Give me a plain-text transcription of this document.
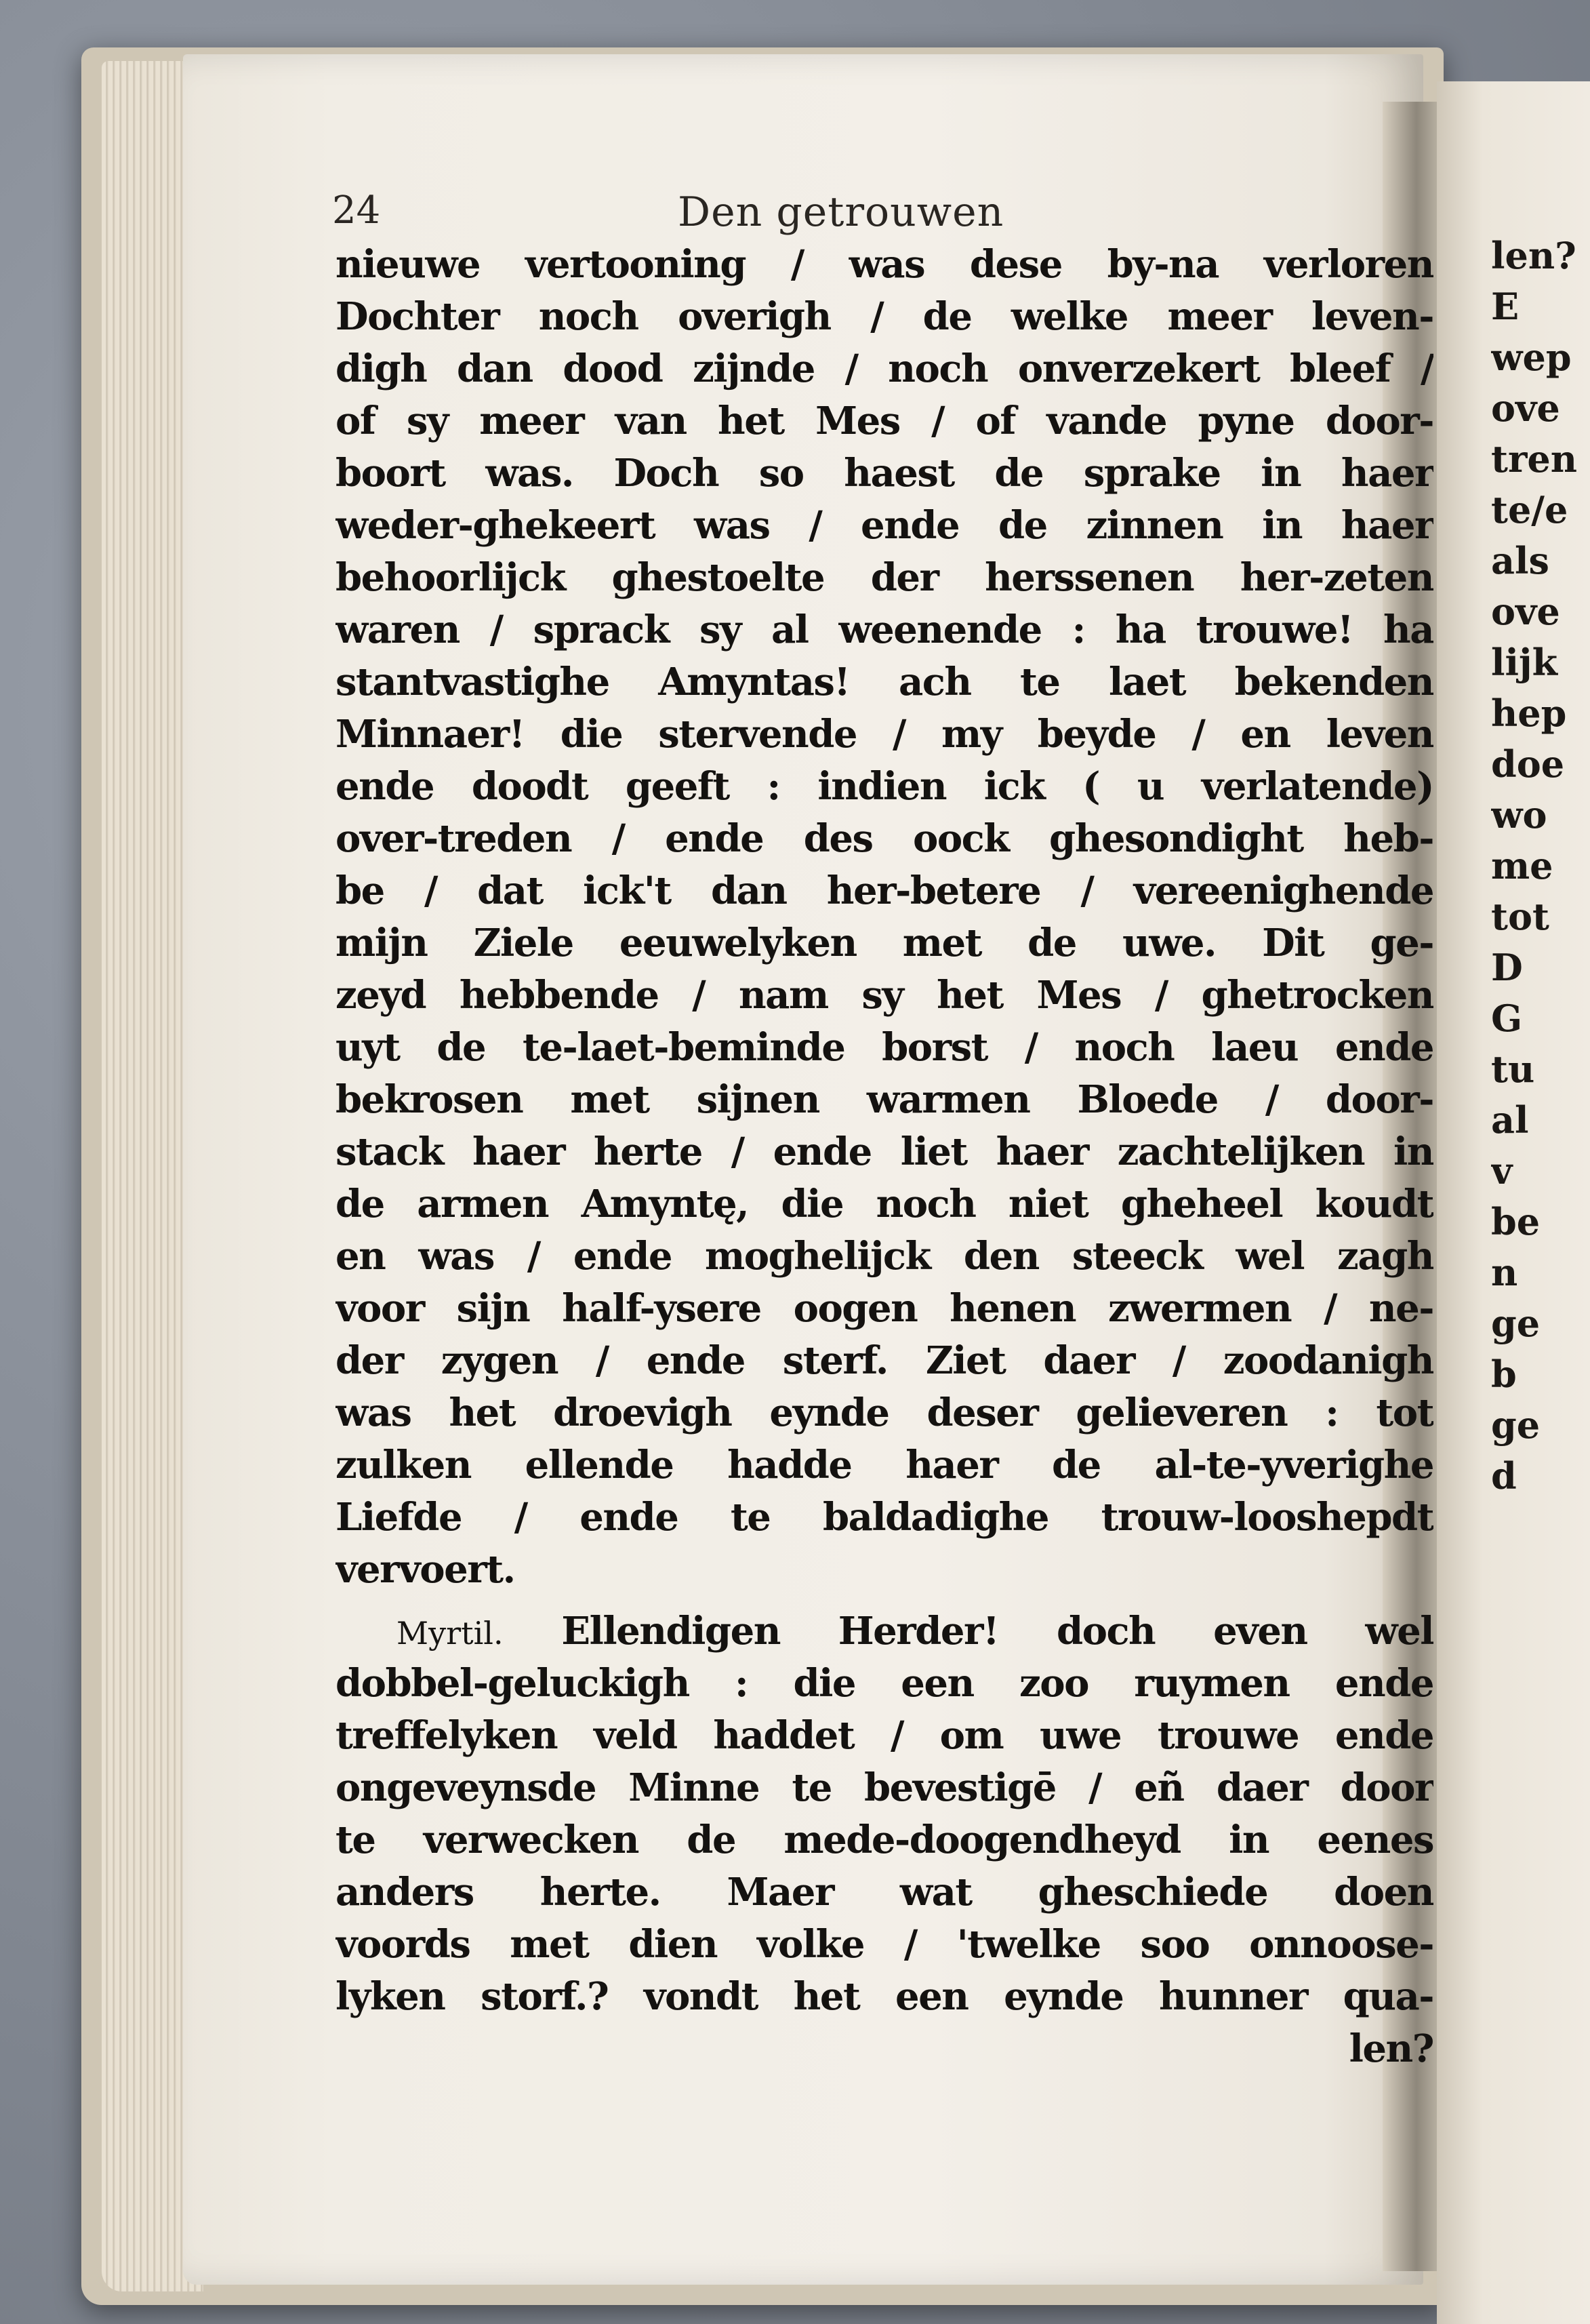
24	Den getrouwen
nieuwe vertooning / was dese by-na verloren
Dochter noch overigh / de welke meer leven-
digh dan dood zijnde / noch onverzekert bleef /
of sy meer van het Mes / of vande pyne door-
boort was. Doch so haest de sprake in haer
weder-ghekeert was / ende de zinnen in haer
behoorlijck ghestoelte der herssenen her-zeten
waren / sprack sy al weenende : ha trouwe! ha
stantvastighe Amyntas! ach te laet bekenden
Minnaer! die stervende / my beyde / en leven
ende doodt geeft : indien ick ( u verlatende)
over-treden / ende des oock ghesondight heb-
be / dat ick't dan her-betere / vereenighende
mijn Ziele eeuwelyken met de uwe. Dit ge-
zeyd hebbende / nam sy het Mes / ghetrocken
uyt de te-laet-beminde borst / noch laeu ende
bekrosen met sijnen warmen Bloede / door-
stack haer herte / ende liet haer zachtelijken in
de armen Amyntę, die noch niet gheheel koudt
en was / ende moghelijck den steeck wel zagh
voor sijn half-ysere oogen henen zwermen / ne-
der zygen / ende sterf. Ziet daer / zoodanigh
was het droevigh eynde deser gelieveren : tot
zulken ellende hadde haer de al-te-yverighe
Liefde / ende te baldadighe trouw-looshepdt
vervoert.
Myrtil. Ellendigen Herder! doch even wel
dobbel-geluckigh : die een zoo ruymen ende
treffelyken veld haddet / om uwe trouwe ende
ongeveynsde Minne te bevestigē / eñ daer door
te verwecken de mede-doogendheyd in eenes
anders herte. Maer wat gheschiede doen
voords met dien volke / 'twelke soo onnoose-
lyken storf.? vondt het een eynde hunner qua-
len?
len?
E
wep
ove
tren
te/e
als
ove
lijk
hep
doe
wo
me
tot
D
G
tu
al
v
be
n
ge
b
ge
d
